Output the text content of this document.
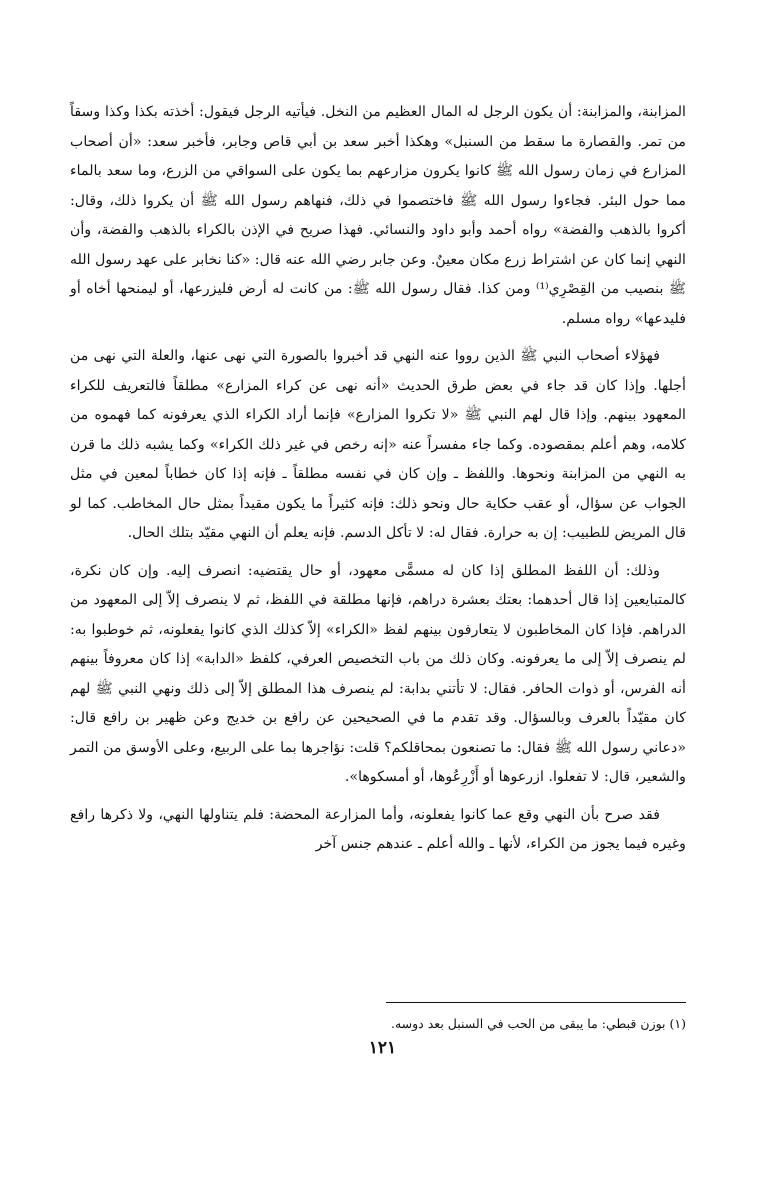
المزابنة، والمزابنة: أن يكون الرجل له المال العظيم من النخل. فيأتيه الرجل فيقول: أخذته بكذا وكذا وسقاً من تمر. والقصارة ما سقط من السنبل» وهكذا أخبر سعد بن أبي قاص وجابر، فأخبر سعد: «أن أصحاب المزارع في زمان رسول الله ﷺ كانوا يكرون مزارعهم بما يكون على السواقي من الزرع، وما سعد بالماء مما حول البئر. فجاءوا رسول الله ﷺ فاختصموا في ذلك، فنهاهم رسول الله ﷺ أن يكروا ذلك، وقال: أكروا بالذهب والفضة» رواه أحمد وأبو داود والنسائي. فهذا صريح في الإذن بالكراء بالذهب والفضة، وأن النهي إنما كان عن اشتراط زرع مكان معينٌ. وعن جابر رضي الله عنه قال: «كنا نخابر على عهد رسول الله ﷺ بنصيب من القِصْرِي⁽¹⁾ ومن كذا. فقال رسول الله ﷺ: من كانت له أرض فليزرعها، أو ليمنحها أخاه أو فليدعها» رواه مسلم.

فهؤلاء أصحاب النبي ﷺ الذين رووا عنه النهي قد أخبروا بالصورة التي نهى عنها، والعلة التي نهى من أجلها. وإذا كان قد جاء في بعض طرق الحديث «أنه نهى عن كراء المزارع» مطلقاً فالتعريف للكراء المعهود بينهم. وإذا قال لهم النبي ﷺ «لا تكروا المزارع» فإنما أراد الكراء الذي يعرفونه كما فهموه من كلامه، وهم أعلم بمقصوده. وكما جاء مفسراً عنه «إنه رخص في غير ذلك الكراء» وكما يشبه ذلك ما قرن به النهي من المزابنة ونحوها. واللفظ ـ وإن كان في نفسه مطلقاً ـ فإنه إذا كان خطاباً لمعين في مثل الجواب عن سؤال، أو عقب حكاية حال ونحو ذلك: فإنه كثيراً ما يكون مقيداً بمثل حال المخاطب. كما لو قال المريض للطبيب: إن به حرارة. فقال له: لا تأكل الدسم. فإنه يعلم أن النهي مقيّد بتلك الحال.

وذلك: أن اللفظ المطلق إذا كان له مسمًّى معهود، أو حال يقتضيه: انصرف إليه. وإن كان نكرة، كالمتبايعين إذا قال أحدهما: بعتك بعشرة دراهم، فإنها مطلقة في اللفظ، ثم لا ينصرف إلاّ إلى المعهود من الدراهم. فإذا كان المخاطبون لا يتعارفون بينهم لفظ «الكراء» إلاّ كذلك الذي كانوا يفعلونه، ثم خوطبوا به: لم ينصرف إلاّ إلى ما يعرفونه. وكان ذلك من باب التخصيص العرفي، كلفظ «الدابة» إذا كان معروفاً بينهم أنه الفرس، أو ذوات الحافر. فقال: لا تأتني بدابة: لم ينصرف هذا المطلق إلاّ إلى ذلك ونهي النبي ﷺ لهم كان مقيّداً بالعرف وبالسؤال. وقد تقدم ما في الصحيحين عن رافع بن خديج وعن ظهير بن رافع قال: «دعاني رسول الله ﷺ فقال: ما تصنعون بمحاقلكم؟ قلت: نؤاجرها بما على الربيع، وعلى الأوسق من التمر والشعير، قال: لا تفعلوا. ازرعوها أو أَزْرِعُوها، أو أمسكوها».

فقد صرح بأن النهي وقع عما كانوا يفعلونه، وأما المزارعة المحضة: فلم يتناولها النهي، ولا ذكرها رافع وغيره فيما يجوز من الكراء، لأنها ـ والله أعلم ـ عندهم جنس آخر

(١) بوزن قبطي: ما يبقى من الحب في السنبل بعد دوسه.
١٢١
